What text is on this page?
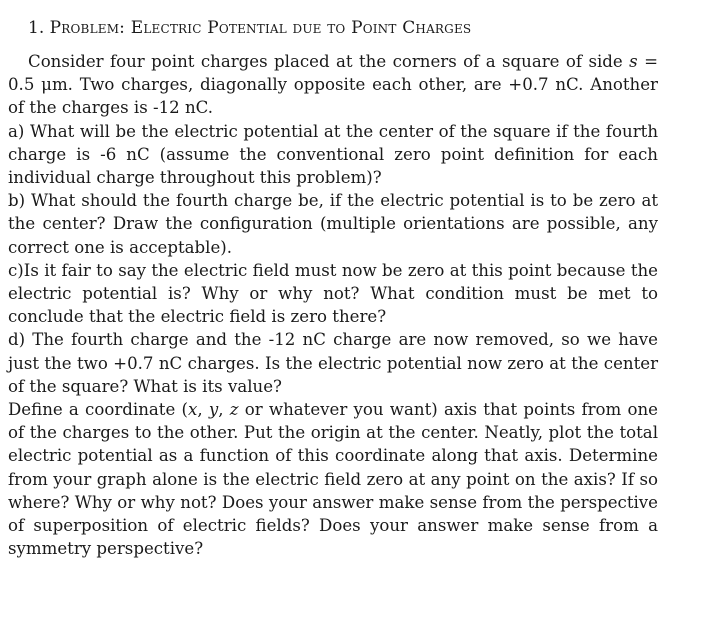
1. Problem: Electric Potential due to Point Charges

Consider four point charges placed at the corners of a square of side s = 0.5 μm. Two charges, diagonally opposite each other, are +0.7 nC. Another of the charges is -12 nC.

a) What will be the electric potential at the center of the square if the fourth charge is -6 nC (assume the conventional zero point definition for each individual charge throughout this problem)?

b) What should the fourth charge be, if the electric potential is to be zero at the center? Draw the configuration (multiple orientations are possible, any correct one is acceptable).

c)Is it fair to say the electric field must now be zero at this point because the electric potential is? Why or why not? What condition must be met to conclude that the electric field is zero there?

d) The fourth charge and the -12 nC charge are now removed, so we have just the two +0.7 nC charges. Is the electric potential now zero at the center of the square? What is its value?

Define a coordinate (x, y, z or whatever you want) axis that points from one of the charges to the other. Put the origin at the center. Neatly, plot the total electric potential as a function of this coordinate along that axis. Determine from your graph alone is the electric field zero at any point on the axis? If so where? Why or why not? Does your answer make sense from the perspective of superposition of electric fields? Does your answer make sense from a symmetry perspective?
